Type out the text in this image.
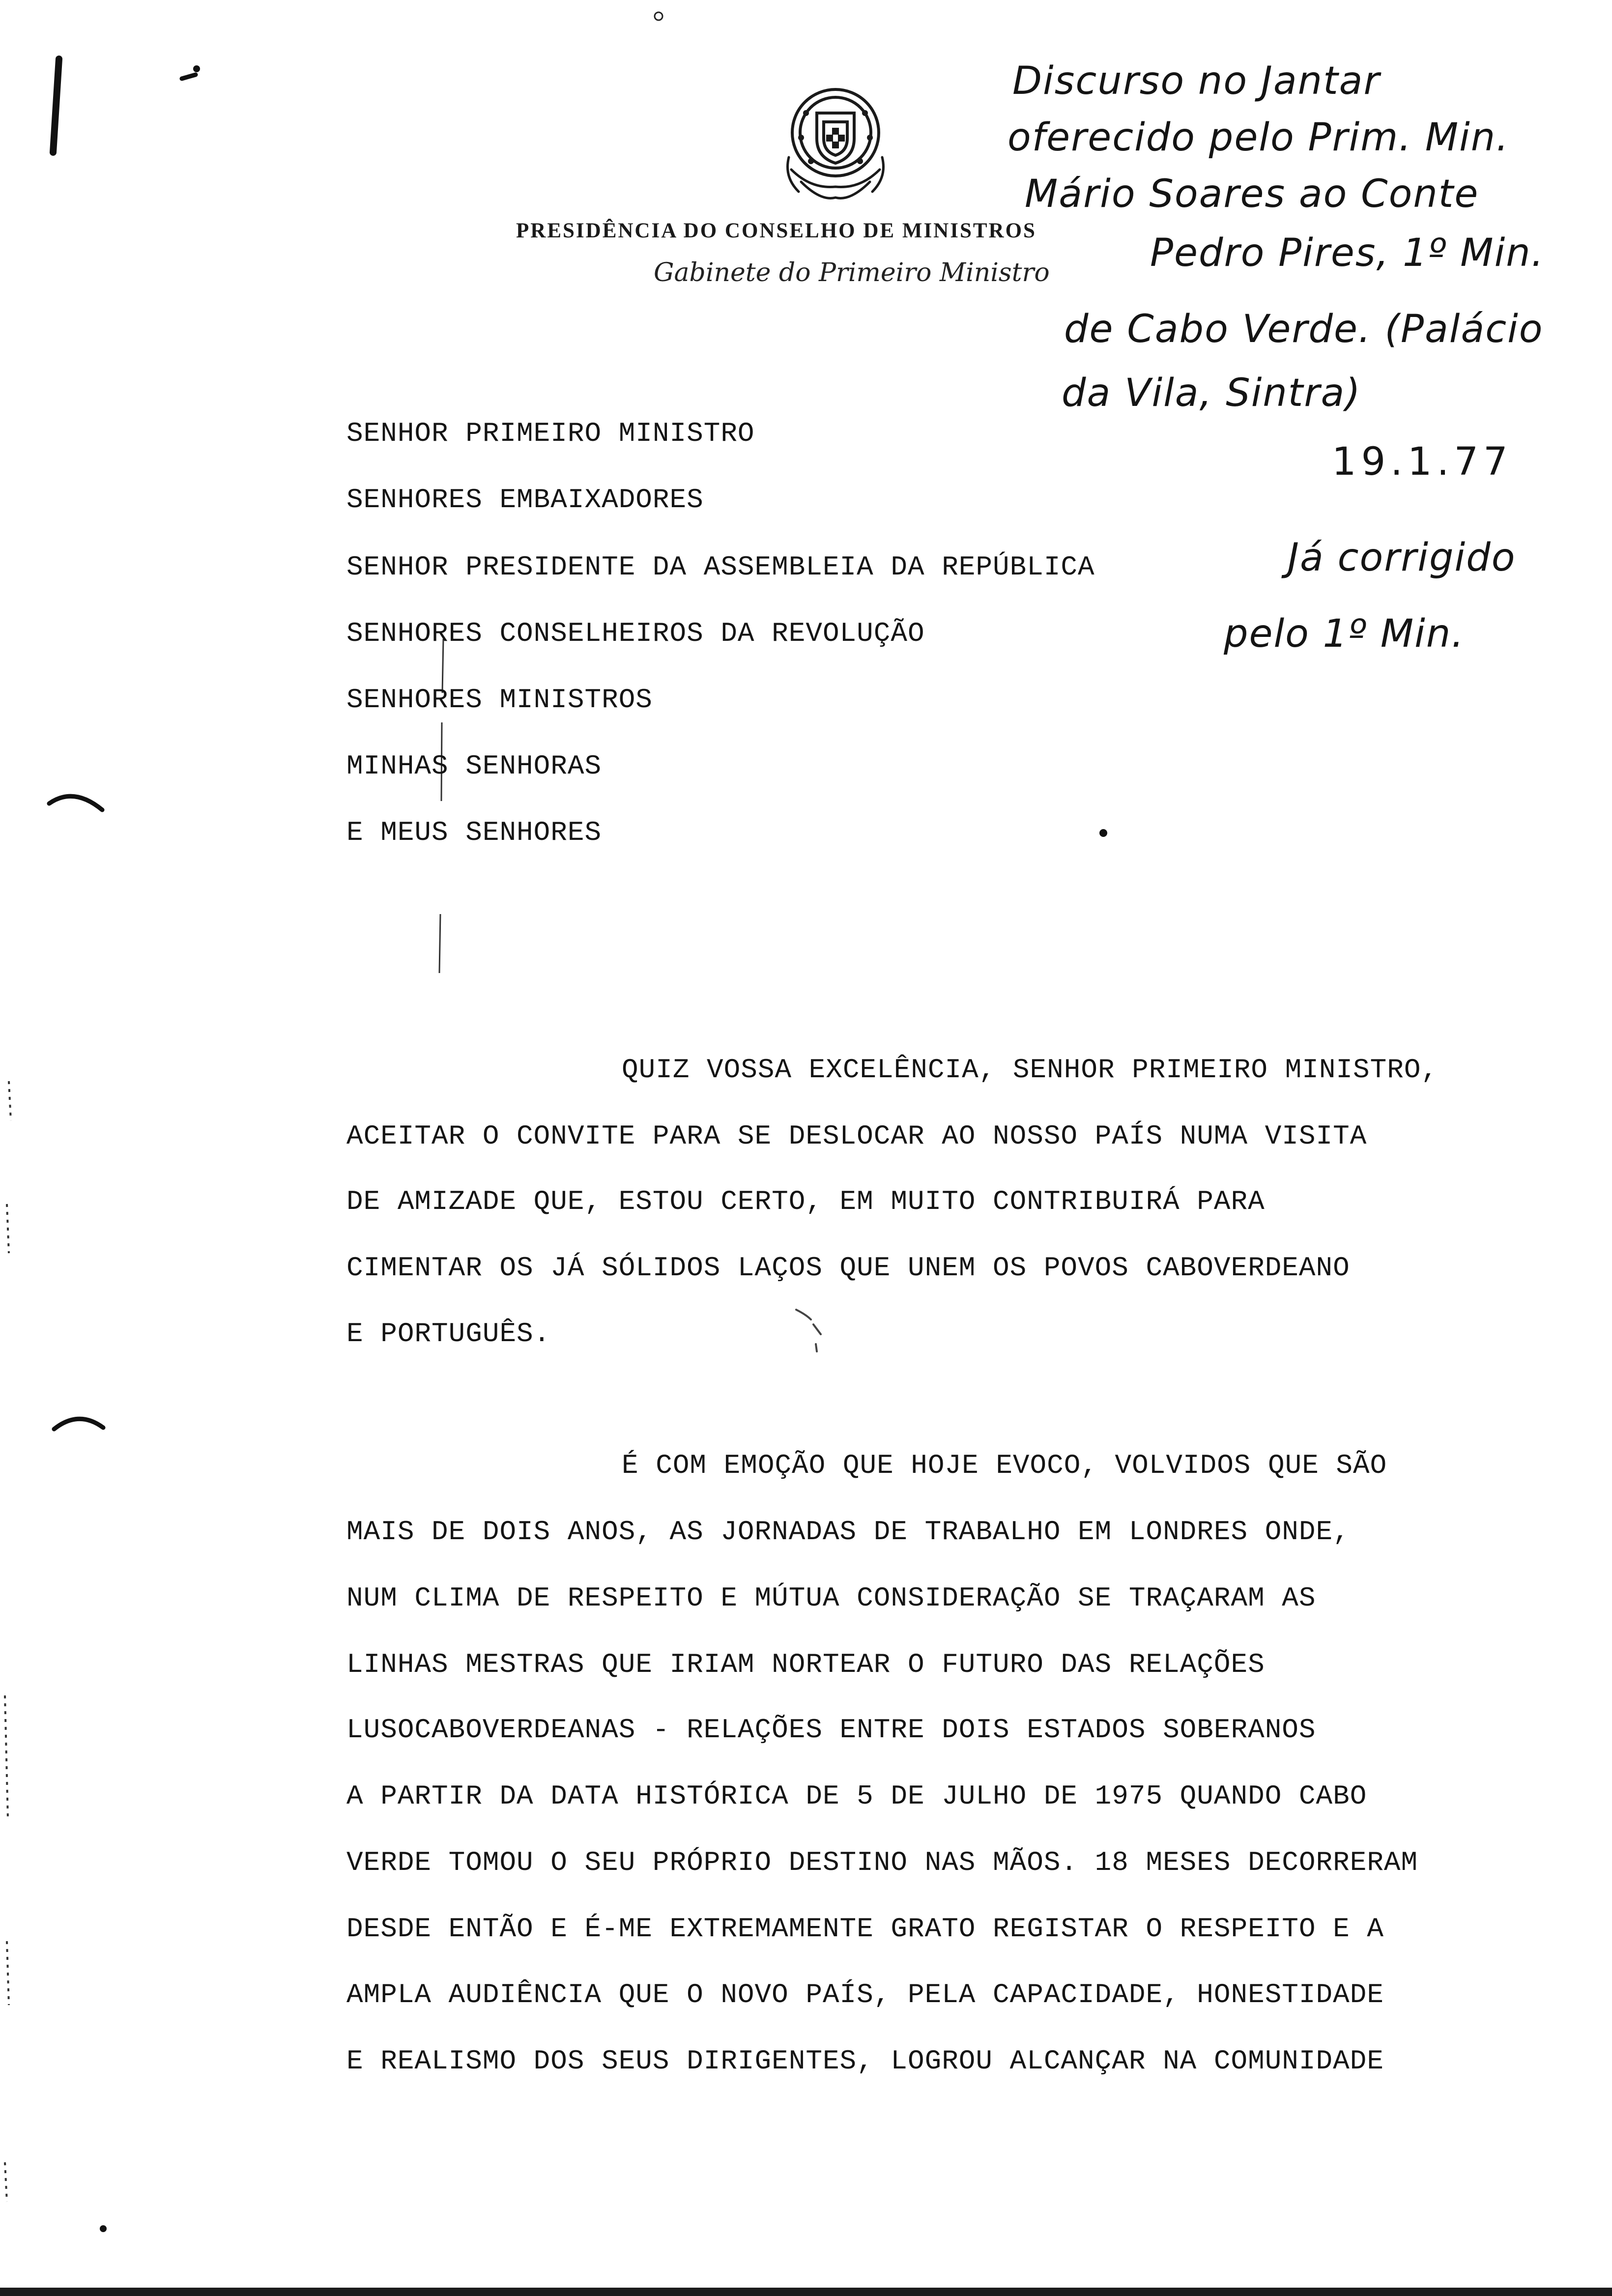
PRESIDÊNCIA DO CONSELHO DE MINISTROS
Gabinete do Primeiro Ministro
Discurso no Jantar
oferecido pelo Prim. Min.
Mário Soares ao Conte
Pedro Pires, 1º Min.
de Cabo Verde. (Palácio
da Vila, Sintra)
19.1.77
Já corrigido
pelo 1º Min.
SENHOR PRIMEIRO MINISTRO
SENHORES EMBAIXADORES
SENHOR PRESIDENTE DA ASSEMBLEIA DA REPÚBLICA
SENHORES CONSELHEIROS DA REVOLUÇÃO
SENHORES MINISTROS
MINHAS SENHORAS
E MEUS SENHORES
QUIZ VOSSA EXCELÊNCIA, SENHOR PRIMEIRO MINISTRO,
ACEITAR O CONVITE PARA SE DESLOCAR AO NOSSO PAÍS NUMA VISITA
DE AMIZADE QUE, ESTOU CERTO, EM MUITO CONTRIBUIRÁ PARA
CIMENTAR OS JÁ SÓLIDOS LAÇOS QUE UNEM OS POVOS CABOVERDEANO
E PORTUGUÊS.
É COM EMOÇÃO QUE HOJE EVOCO, VOLVIDOS QUE SÃO
MAIS DE DOIS ANOS, AS JORNADAS DE TRABALHO EM LONDRES ONDE,
NUM CLIMA DE RESPEITO E MÚTUA CONSIDERAÇÃO SE TRAÇARAM AS
LINHAS MESTRAS QUE IRIAM NORTEAR O FUTURO DAS RELAÇÕES
LUSOCABOVERDEANAS - RELAÇÕES ENTRE DOIS ESTADOS SOBERANOS
A PARTIR DA DATA HISTÓRICA DE 5 DE JULHO DE 1975 QUANDO CABO
VERDE TOMOU O SEU PRÓPRIO DESTINO NAS MÃOS. 18 MESES DECORRERAM
DESDE ENTÃO E É-ME EXTREMAMENTE GRATO REGISTAR O RESPEITO E A
AMPLA AUDIÊNCIA QUE O NOVO PAÍS, PELA CAPACIDADE, HONESTIDADE
E REALISMO DOS SEUS DIRIGENTES, LOGROU ALCANÇAR NA COMUNIDADE
